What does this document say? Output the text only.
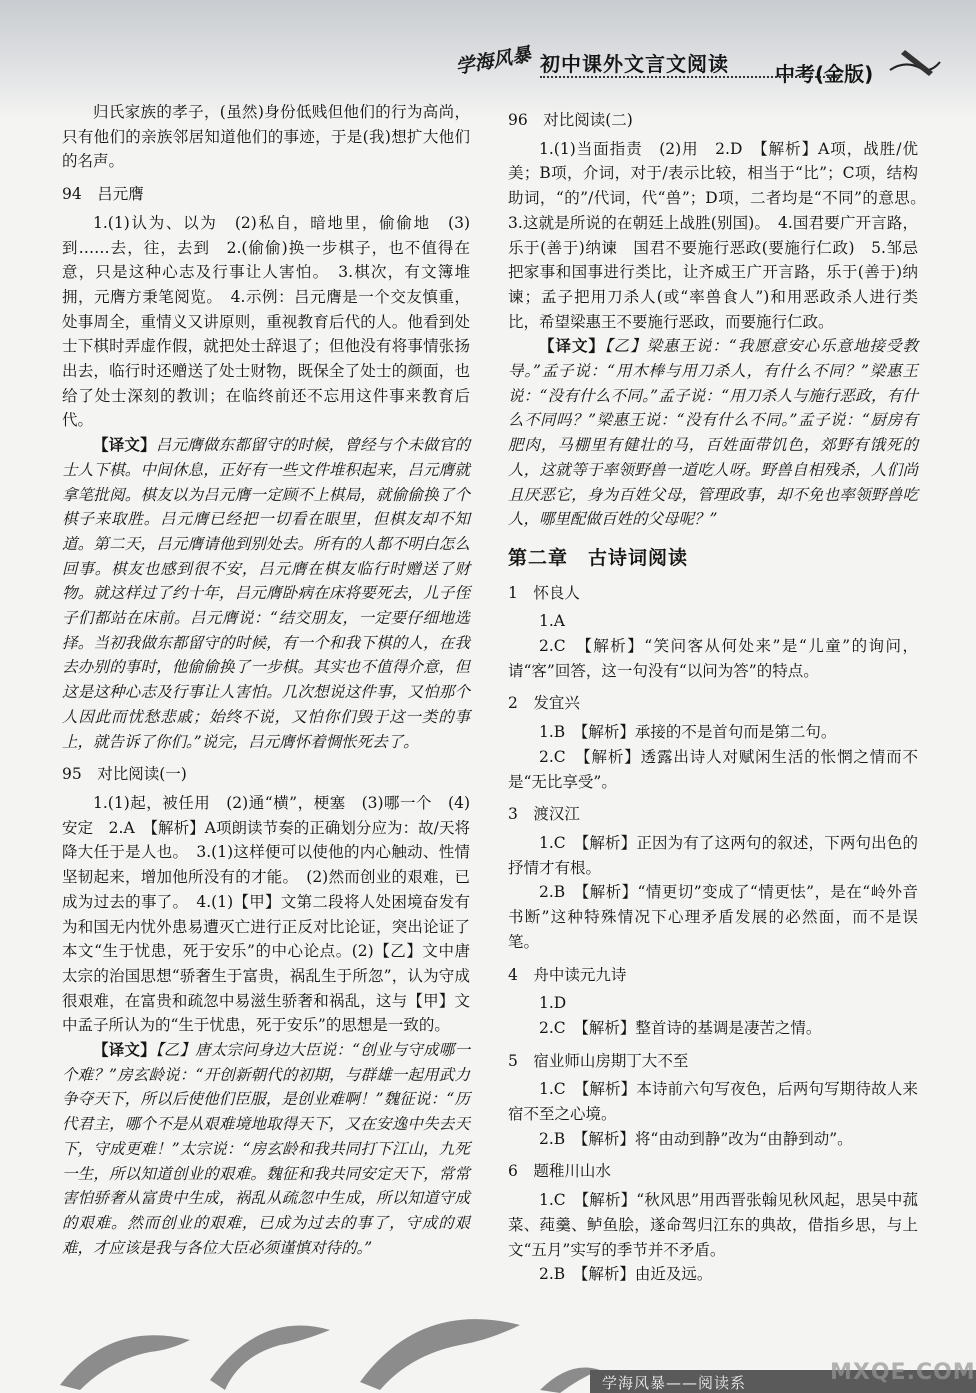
学海风暴 初中课外文言文阅读 中考(金版)

归氏家族的孝子，(虽然)身份低贱但他们的行为高尚，只有他们的亲族邻居知道他们的事迹，于是(我)想扩大他们的名声。

94　吕元膺

1.(1)认为、以为　(2)私自，暗地里，偷偷地　(3)到……去，往，去到　2.(偷偷)换一步棋子，也不值得在意，只是这种心志及行事让人害怕。　3.棋次，有文簿堆拥，元膺方秉笔阅览。　4.示例：吕元膺是一个交友慎重，处事周全，重情义又讲原则，重视教育后代的人。他看到处士下棋时弄虚作假，就把处士辞退了；但他没有将事情张扬出去，临行时还赠送了处士财物，既保全了处士的颜面，也给了处士深刻的教训；在临终前还不忘用这件事来教育后代。

【译文】吕元膺做东都留守的时候，曾经与个未做官的士人下棋。中间休息，正好有一些文件堆积起来，吕元膺就拿笔批阅。棋友以为吕元膺一定顾不上棋局，就偷偷换了个棋子来取胜。吕元膺已经把一切看在眼里，但棋友却不知道。第二天，吕元膺请他到别处去。所有的人都不明白怎么回事。棋友也感到很不安，吕元膺在棋友临行时赠送了财物。就这样过了约十年，吕元膺卧病在床将要死去，儿子侄子们都站在床前。吕元膺说：“结交朋友，一定要仔细地选择。当初我做东都留守的时候，有一个和我下棋的人，在我去办别的事时，他偷偷换了一步棋。其实也不值得介意，但这是这种心志及行事让人害怕。几次想说这件事，又怕那个人因此而忧愁悲戚；始终不说，又怕你们毁于这一类的事上，就告诉了你们。”说完，吕元膺怀着惆怅死去了。

95　对比阅读(一)

1.(1)起，被任用　(2)通“横”，梗塞　(3)哪一个　(4)安定　2.A　【解析】A项朗读节奏的正确划分应为：故/天将降大任于是人也。　3.(1)这样便可以使他的内心触动、性情坚韧起来，增加他所没有的才能。　(2)然而创业的艰难，已成为过去的事了。　4.(1)【甲】文第二段将人处困境奋发有为和国无内忧外患易遭灭亡进行正反对比论证，突出论证了本文“生于忧患，死于安乐”的中心论点。(2)【乙】文中唐太宗的治国思想“骄奢生于富贵，祸乱生于所忽”，认为守成很艰难，在富贵和疏忽中易滋生骄奢和祸乱，这与【甲】文中孟子所认为的“生于忧患，死于安乐”的思想是一致的。

【译文】【乙】唐太宗问身边大臣说：“创业与守成哪一个难？”房玄龄说：“开创新朝代的初期，与群雄一起用武力争夺天下，所以后使他们臣服，是创业难啊！”魏征说：“历代君主，哪个不是从艰难境地取得天下，又在安逸中失去天下，守成更难！”太宗说：“房玄龄和我共同打下江山，九死一生，所以知道创业的艰难。魏征和我共同安定天下，常常害怕骄奢从富贵中生成，祸乱从疏忽中生成，所以知道守成的艰难。然而创业的艰难，已成为过去的事了，守成的艰难，才应该是我与各位大臣必须谨慎对待的。”

96　对比阅读(二)

1.(1)当面指责　(2)用　2.D　【解析】A项，战胜/优美；B项，介词，对于/表示比较，相当于“比”；C项，结构助词，“的”/代词，代“兽”；D项，二者均是“不同”的意思。　3.这就是所说的在朝廷上战胜(别国)。　4.国君要广开言路，乐于(善于)纳谏　国君不要施行恶政(要施行仁政)　5.邹忌把家事和国事进行类比，让齐威王广开言路，乐于(善于)纳谏；孟子把用刀杀人(或“率兽食人”)和用恶政杀人进行类比，希望梁惠王不要施行恶政，而要施行仁政。

【译文】【乙】梁惠王说：“我愿意安心乐意地接受教导。”孟子说：“用木棒与用刀杀人，有什么不同？”梁惠王说：“没有什么不同。”孟子说：“用刀杀人与施行恶政，有什么不同吗？”梁惠王说：“没有什么不同。”孟子说：“厨房有肥肉，马棚里有健壮的马，百姓面带饥色，郊野有饿死的人，这就等于率领野兽一道吃人呀。野兽自相残杀，人们尚且厌恶它，身为百姓父母，管理政事，却不免也率领野兽吃人，哪里配做百姓的父母呢？”

第二章　古诗词阅读

1　怀良人

1.A

2.C　【解析】“笑问客从何处来”是“儿童”的询问，请“客”回答，这一句没有“以问为答”的特点。

2　发宜兴

1.B　【解析】承接的不是首句而是第二句。

2.C　【解析】透露出诗人对赋闲生活的怅惘之情而不是“无比享受”。

3　渡汉江

1.C　【解析】正因为有了这两句的叙述，下两句出色的抒情才有根。

2.B　【解析】“情更切”变成了“情更怯”，是在“岭外音书断”这种特殊情况下心理矛盾发展的必然面，而不是误笔。

4　舟中读元九诗

1.D

2.C　【解析】整首诗的基调是凄苦之情。

5　宿业师山房期丁大不至

1.C　【解析】本诗前六句写夜色，后两句写期待故人来宿不至之心境。

2.B　【解析】将“由动到静”改为“由静到动”。

6　题稚川山水

1.C　【解析】“秋风思”用西晋张翰见秋风起，思吴中菰菜、莼羹、鲈鱼脍，遂命驾归江东的典故，借指乡思，与上文“五月”实写的季节并不矛盾。

2.B　【解析】由近及远。

学海风暴——阅读系	MXQE.COM
